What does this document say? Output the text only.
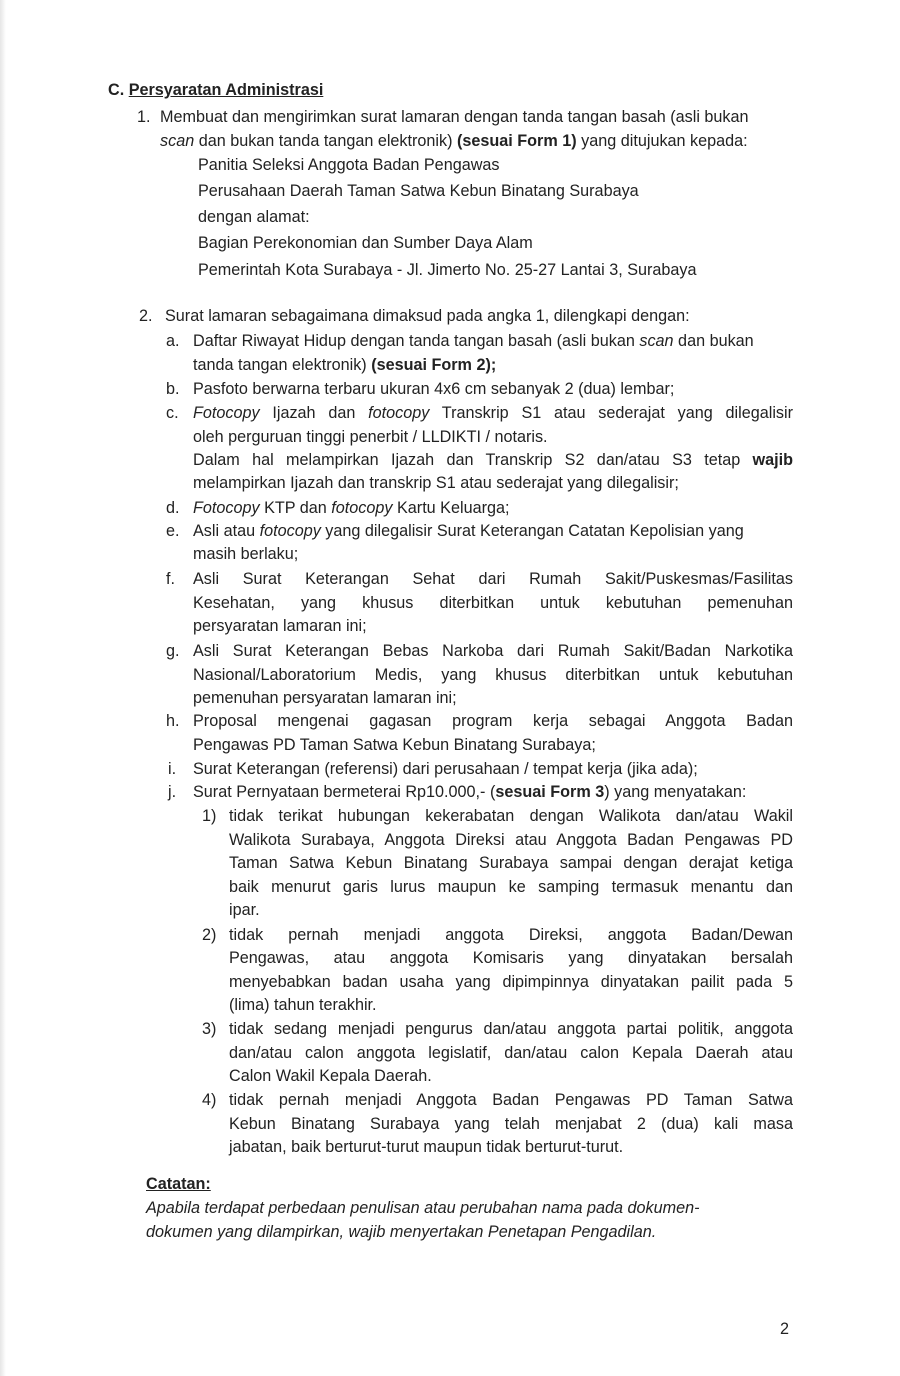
C. Persyaratan Administrasi
1. Membuat dan mengirimkan surat lamaran dengan tanda tangan basah (asli bukan
scan dan bukan tanda tangan elektronik) (sesuai Form 1) yang ditujukan kepada:
Panitia Seleksi Anggota Badan Pengawas
Perusahaan Daerah Taman Satwa Kebun Binatang Surabaya
dengan alamat:
Bagian Perekonomian dan Sumber Daya Alam
Pemerintah Kota Surabaya - Jl. Jimerto No. 25-27 Lantai 3, Surabaya
2. Surat lamaran sebagaimana dimaksud pada angka 1, dilengkapi dengan:
a. Daftar Riwayat Hidup dengan tanda tangan basah (asli bukan scan dan bukan
tanda tangan elektronik) (sesuai Form 2);
b. Pasfoto berwarna terbaru ukuran 4x6 cm sebanyak 2 (dua) lembar;
c. Fotocopy Ijazah dan fotocopy Transkrip S1 atau sederajat yang dilegalisir
oleh perguruan tinggi penerbit / LLDIKTI / notaris.
Dalam hal melampirkan Ijazah dan Transkrip S2 dan/atau S3 tetap wajib
melampirkan Ijazah dan transkrip S1 atau sederajat yang dilegalisir;
d. Fotocopy KTP dan fotocopy Kartu Keluarga;
e. Asli atau fotocopy yang dilegalisir Surat Keterangan Catatan Kepolisian yang
masih berlaku;
f. Asli Surat Keterangan Sehat dari Rumah Sakit/Puskesmas/Fasilitas
Kesehatan, yang khusus diterbitkan untuk kebutuhan pemenuhan
persyaratan lamaran ini;
g. Asli Surat Keterangan Bebas Narkoba dari Rumah Sakit/Badan Narkotika
Nasional/Laboratorium Medis, yang khusus diterbitkan untuk kebutuhan
pemenuhan persyaratan lamaran ini;
h. Proposal mengenai gagasan program kerja sebagai Anggota Badan
Pengawas PD Taman Satwa Kebun Binatang Surabaya;
i. Surat Keterangan (referensi) dari perusahaan / tempat kerja (jika ada);
j. Surat Pernyataan bermeterai Rp10.000,- (sesuai Form 3) yang menyatakan:
1) tidak terikat hubungan kekerabatan dengan Walikota dan/atau Wakil
Walikota Surabaya, Anggota Direksi atau Anggota Badan Pengawas PD
Taman Satwa Kebun Binatang Surabaya sampai dengan derajat ketiga
baik menurut garis lurus maupun ke samping termasuk menantu dan
ipar.
2) tidak pernah menjadi anggota Direksi, anggota Badan/Dewan
Pengawas, atau anggota Komisaris yang dinyatakan bersalah
menyebabkan badan usaha yang dipimpinnya dinyatakan pailit pada 5
(lima) tahun terakhir.
3) tidak sedang menjadi pengurus dan/atau anggota partai politik, anggota
dan/atau calon anggota legislatif, dan/atau calon Kepala Daerah atau
Calon Wakil Kepala Daerah.
4) tidak pernah menjadi Anggota Badan Pengawas PD Taman Satwa
Kebun Binatang Surabaya yang telah menjabat 2 (dua) kali masa
jabatan, baik berturut-turut maupun tidak berturut-turut.
Catatan:
Apabila terdapat perbedaan penulisan atau perubahan nama pada dokumen-
dokumen yang dilampirkan, wajib menyertakan Penetapan Pengadilan.
2
